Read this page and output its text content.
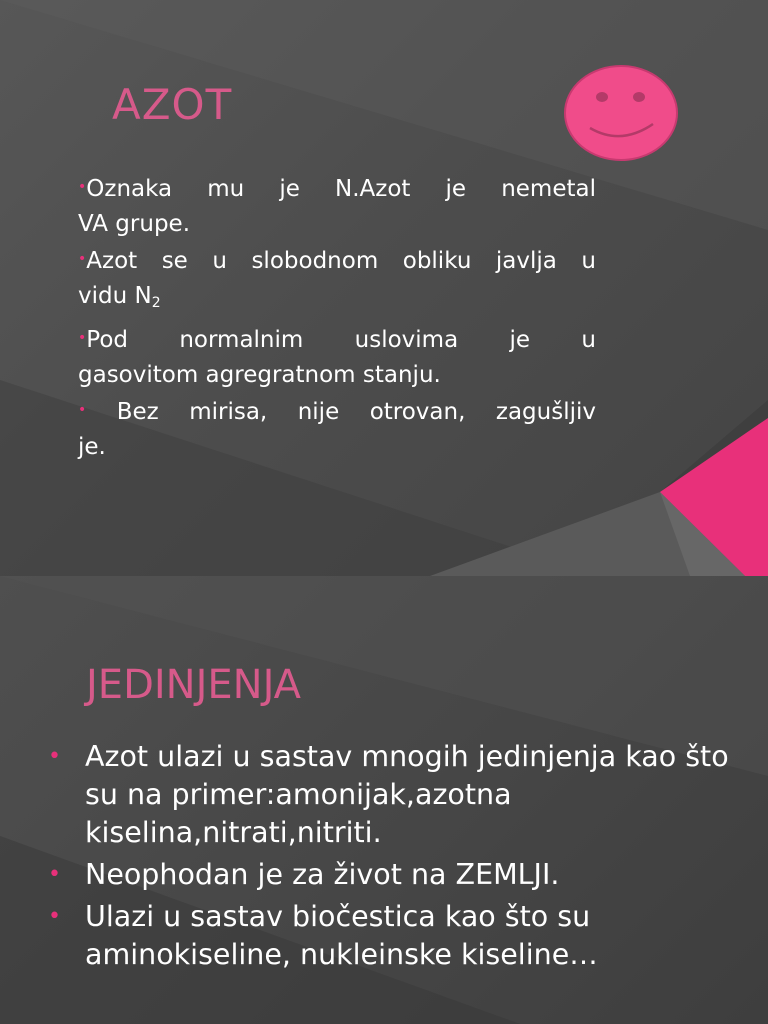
AZOT
•Oznaka mu je N.Azot je nemetal
VA grupe.
•Azot se u slobodnom obliku javlja u
vidu $N_2$
•Pod normalnim uslovima je u
gasovitom agregratnom stanju.
• Bez mirisa, nije otrovan, zagušljiv
je.
JEDINJENJA
• Azot ulazi u sastav mnogih jedinjenja kao što su na primer:amonijak,azotna kiselina,nitrati,nitriti.
• Neophodan je za život na ZEMLJI.
• Ulazi u sastav biočestica kao što su aminokiseline, nukleinske kiseline…
